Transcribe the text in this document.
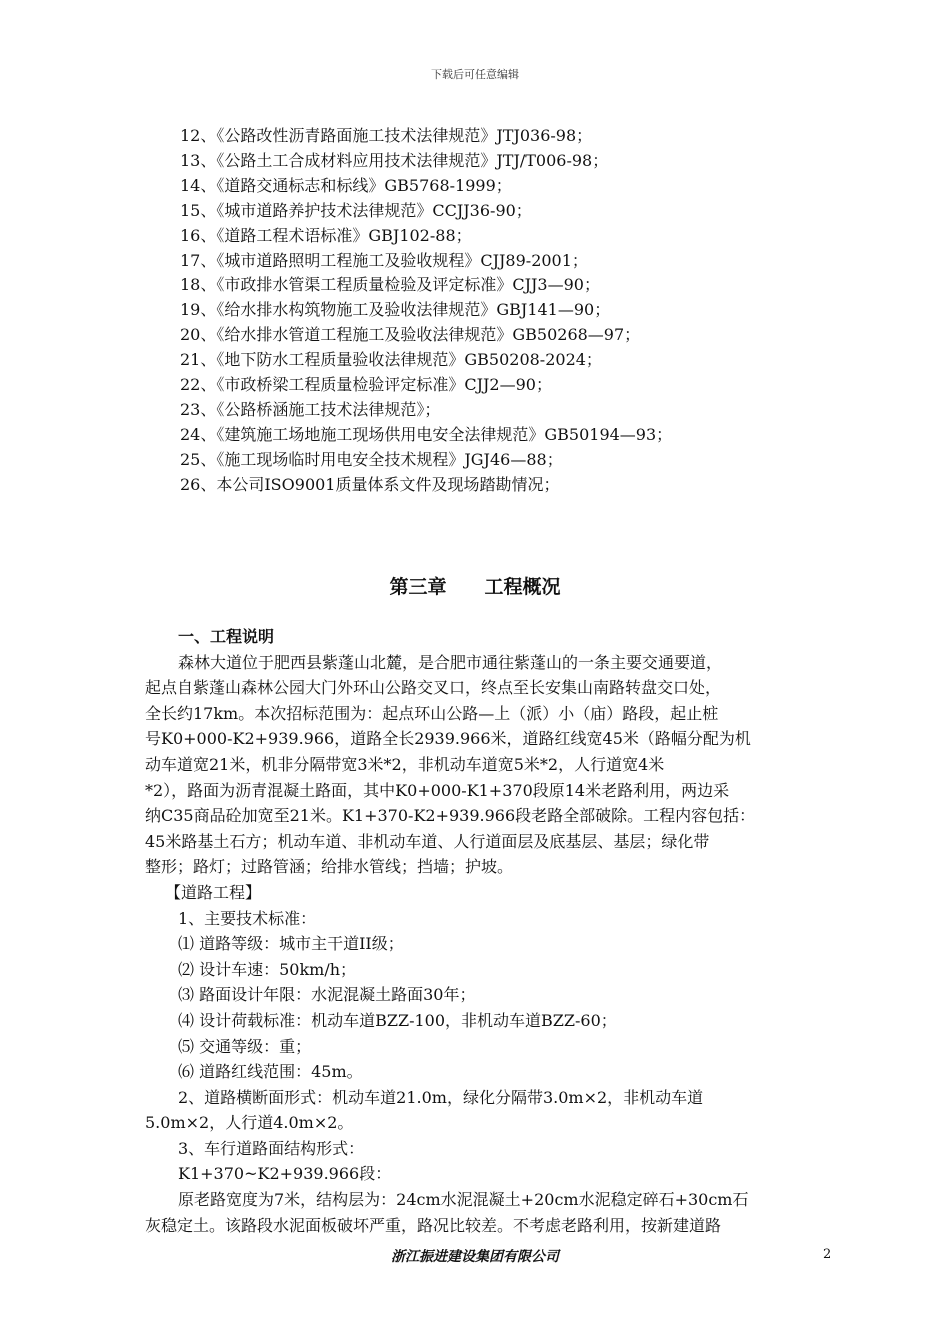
下载后可任意编辑
12、《公路改性沥青路面施工技术法律规范》JTJ036-98；
13、《公路土工合成材料应用技术法律规范》JTJ/T006-98；
14、《道路交通标志和标线》GB5768-1999；
15、《城市道路养护技术法律规范》CCJJ36-90；
16、《道路工程术语标准》GBJ102-88；
17、《城市道路照明工程施工及验收规程》CJJ89-2001；
18、《市政排水管渠工程质量检验及评定标准》CJJ3—90；
19、《给水排水构筑物施工及验收法律规范》GBJ141—90；
20、《给水排水管道工程施工及验收法律规范》GB50268—97；
21、《地下防水工程质量验收法律规范》GB50208-2024；
22、《市政桥梁工程质量检验评定标准》CJJ2—90；
23、《公路桥涵施工技术法律规范》；
24、《建筑施工场地施工现场供用电安全法律规范》GB50194—93；
25、《施工现场临时用电安全技术规程》JGJ46—88；
26、本公司ISO9001质量体系文件及现场踏勘情况；
第三章 工程概况
一、工程说明
森林大道位于肥西县紫蓬山北麓，是合肥市通往紫蓬山的一条主要交通要道，
起点自紫蓬山森林公园大门外环山公路交叉口，终点至长安集山南路转盘交口处，
全长约17km。本次招标范围为：起点环山公路—上（派）小（庙）路段，起止桩
号K0+000-K2+939.966，道路全长2939.966米，道路红线宽45米（路幅分配为机
动车道宽21米，机非分隔带宽3米*2，非机动车道宽5米*2，人行道宽4米
*2），路面为沥青混凝土路面，其中K0+000-K1+370段原14米老路利用，两边采
纳C35商品砼加宽至21米。K1+370-K2+939.966段老路全部破除。工程内容包括：
45米路基土石方；机动车道、非机动车道、人行道面层及底基层、基层；绿化带
整形；路灯；过路管涵；给排水管线；挡墙；护坡。
【道路工程】
1、主要技术标准：
⑴ 道路等级：城市主干道II级；
⑵ 设计车速：50km/h；
⑶ 路面设计年限：水泥混凝土路面30年；
⑷ 设计荷载标准：机动车道BZZ-100，非机动车道BZZ-60；
⑸ 交通等级：重；
⑹ 道路红线范围：45m。
2、道路横断面形式：机动车道21.0m，绿化分隔带3.0m×2，非机动车道
5.0m×2，人行道4.0m×2。
3、车行道路面结构形式：
K1+370~K2+939.966段：
原老路宽度为7米，结构层为：24cm水泥混凝土+20cm水泥稳定碎石+30cm石
灰稳定土。该路段水泥面板破坏严重，路况比较差。不考虑老路利用，按新建道路
浙江振进建设集团有限公司	2
